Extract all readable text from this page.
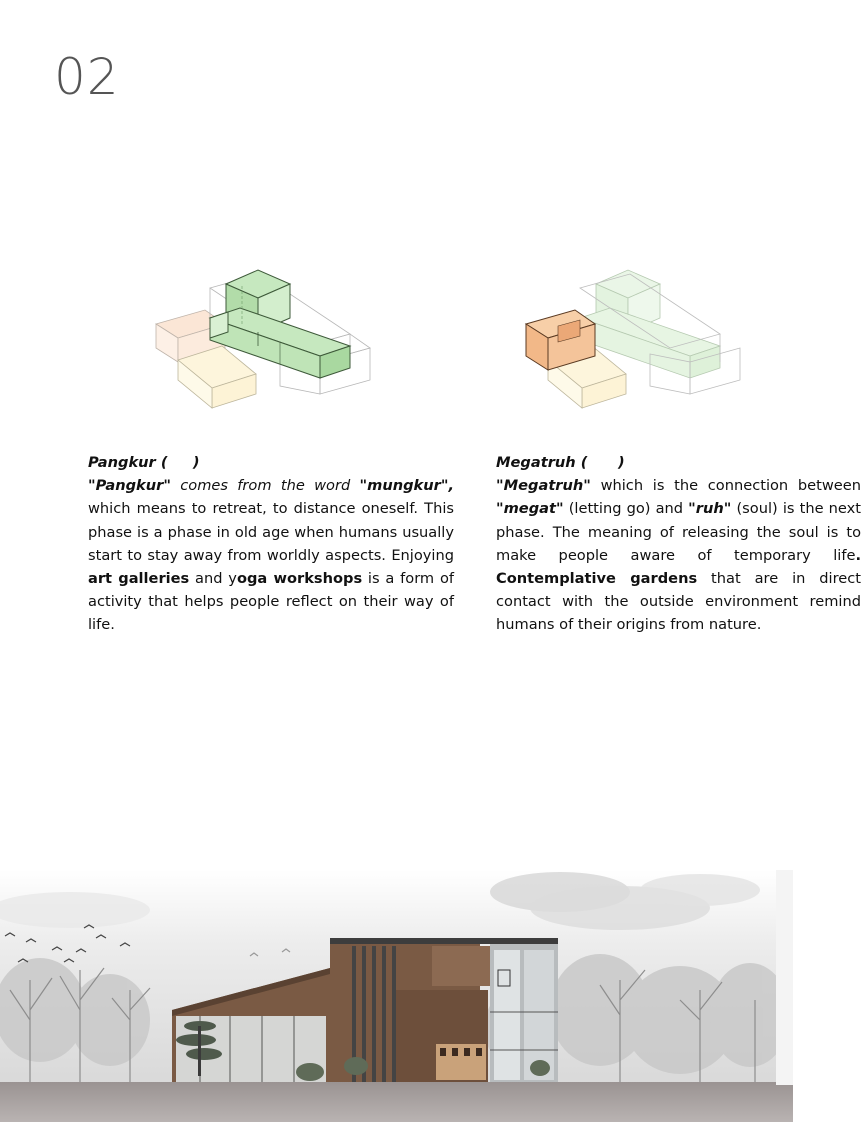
02

Pangkur ( )

"Pangkur" comes from the word "mungkur", which means to retreat, to distance oneself. This phase is a phase in old age when humans usually start to stay away from worldly aspects. Enjoying art galleries and yoga workshops is a form of activity that helps people reflect on their way of life.

Megatruh ( )

"Megatruh" which is the connection between "megat" (letting go) and "ruh" (soul) is the next phase. The meaning of releasing the soul is to make people aware of temporary life. Contemplative gardens that are in direct contact with the outside environment remind humans of their origins from nature.
